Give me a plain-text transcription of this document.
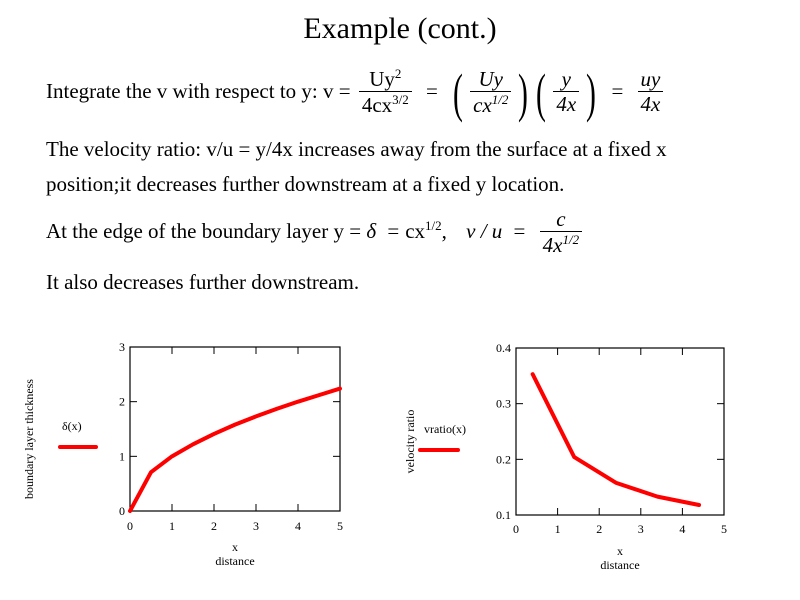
Example (cont.)
Integrate the v with respect to y: $v = \frac{Uy^2}{4cx^{3/2}}$ = ( $\frac{Uy}{cx^{1/2}}$ ) ( $\frac{y}{4x}$ ) = $\frac{uy}{4x}$
The velocity ratio: v/u = y/4x increases away from the surface at a fixed x
position;it decreases further downstream at a fixed y location.
At the edge of the boundary layer $y = \delta = cx^{1/2}$, $v / u = \frac{c}{4x^{1/2}}$
It also decreases further downstream.
0	1	2	3	4	5
0
1
2
3
x
distance
boundary layer thickness δ(x)
0	1	2	3	4	5
0.1
0.2
0.3
0.4
x
distance
velocity ratio vratio(x)
